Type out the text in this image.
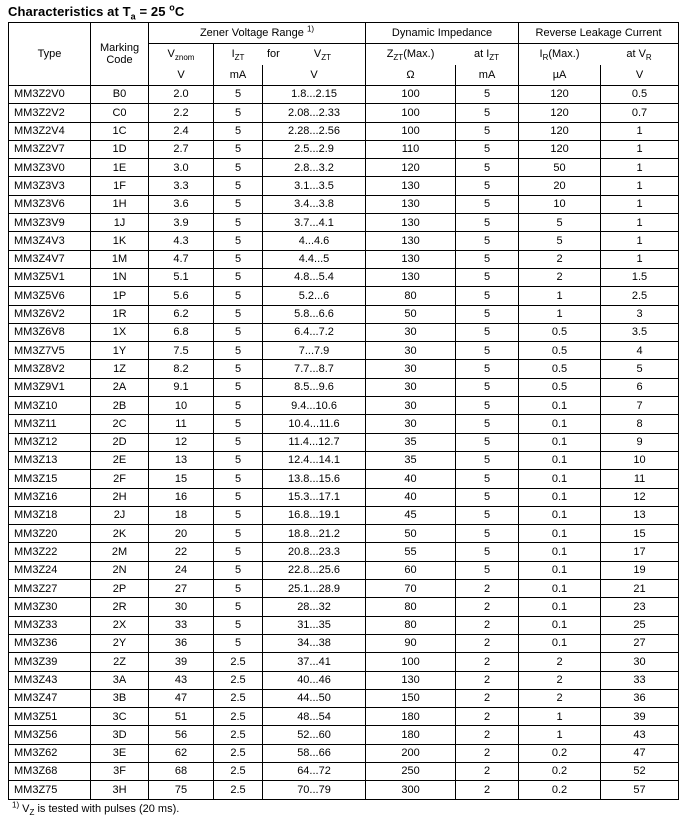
Characteristics at $T_a = 25$ $^o$C
Type	Marking
Code	Zener Voltage Range $^{1)}$			Dynamic Impedance		Reverse Leakage Current	
		$V_{znom}$	$I_{ZT}$ for $V_{ZT}$		$Z_{ZT}(Max.)$ at $I_{ZT}$		$I_R(Max.)$ at $V_R$

		V	mA	V	Ω	mA	µA	V
MM3Z2V0	B0	2.0	5	1.8...2.15	100	5	120	0.5
MM3Z2V2	C0	2.2	5	2.08...2.33	100	5	120	0.7
MM3Z2V4	1C	2.4	5	2.28...2.56	100	5	120	1
MM3Z2V7	1D	2.7	5	2.5...2.9	110	5	120	1
MM3Z3V0	1E	3.0	5	2.8...3.2	120	5	50	1
MM3Z3V3	1F	3.3	5	3.1...3.5	130	5	20	1
MM3Z3V6	1H	3.6	5	3.4...3.8	130	5	10	1
MM3Z3V9	1J	3.9	5	3.7...4.1	130	5	5	1
MM3Z4V3	1K	4.3	5	4...4.6	130	5	5	1
MM3Z4V7	1M	4.7	5	4.4...5	130	5	2	1
MM3Z5V1	1N	5.1	5	4.8...5.4	130	5	2	1.5
MM3Z5V6	1P	5.6	5	5.2...6	80	5	1	2.5
MM3Z6V2	1R	6.2	5	5.8...6.6	50	5	1	3
MM3Z6V8	1X	6.8	5	6.4...7.2	30	5	0.5	3.5
MM3Z7V5	1Y	7.5	5	7...7.9	30	5	0.5	4
MM3Z8V2	1Z	8.2	5	7.7...8.7	30	5	0.5	5
MM3Z9V1	2A	9.1	5	8.5...9.6	30	5	0.5	6
MM3Z10	2B	10	5	9.4...10.6	30	5	0.1	7
MM3Z11	2C	11	5	10.4...11.6	30	5	0.1	8
MM3Z12	2D	12	5	11.4...12.7	35	5	0.1	9
MM3Z13	2E	13	5	12.4...14.1	35	5	0.1	10
MM3Z15	2F	15	5	13.8...15.6	40	5	0.1	11
MM3Z16	2H	16	5	15.3...17.1	40	5	0.1	12
MM3Z18	2J	18	5	16.8...19.1	45	5	0.1	13
MM3Z20	2K	20	5	18.8...21.2	50	5	0.1	15
MM3Z22	2M	22	5	20.8...23.3	55	5	0.1	17
MM3Z24	2N	24	5	22.8...25.6	60	5	0.1	19
MM3Z27	2P	27	5	25.1...28.9	70	2	0.1	21
MM3Z30	2R	30	5	28...32	80	2	0.1	23
MM3Z33	2X	33	5	31...35	80	2	0.1	25
MM3Z36	2Y	36	5	34...38	90	2	0.1	27
MM3Z39	2Z	39	2.5	37...41	100	2	2	30
MM3Z43	3A	43	2.5	40...46	130	2	2	33
MM3Z47	3B	47	2.5	44...50	150	2	2	36
MM3Z51	3C	51	2.5	48...54	180	2	1	39
MM3Z56	3D	56	2.5	52...60	180	2	1	43
MM3Z62	3E	62	2.5	58...66	200	2	0.2	47
MM3Z68	3F	68	2.5	64...72	250	2	0.2	52
MM3Z75	3H	75	2.5	70...79	300	2	0.2	57
$^{1)}$ $V_Z$ is tested with pulses (20 ms).
